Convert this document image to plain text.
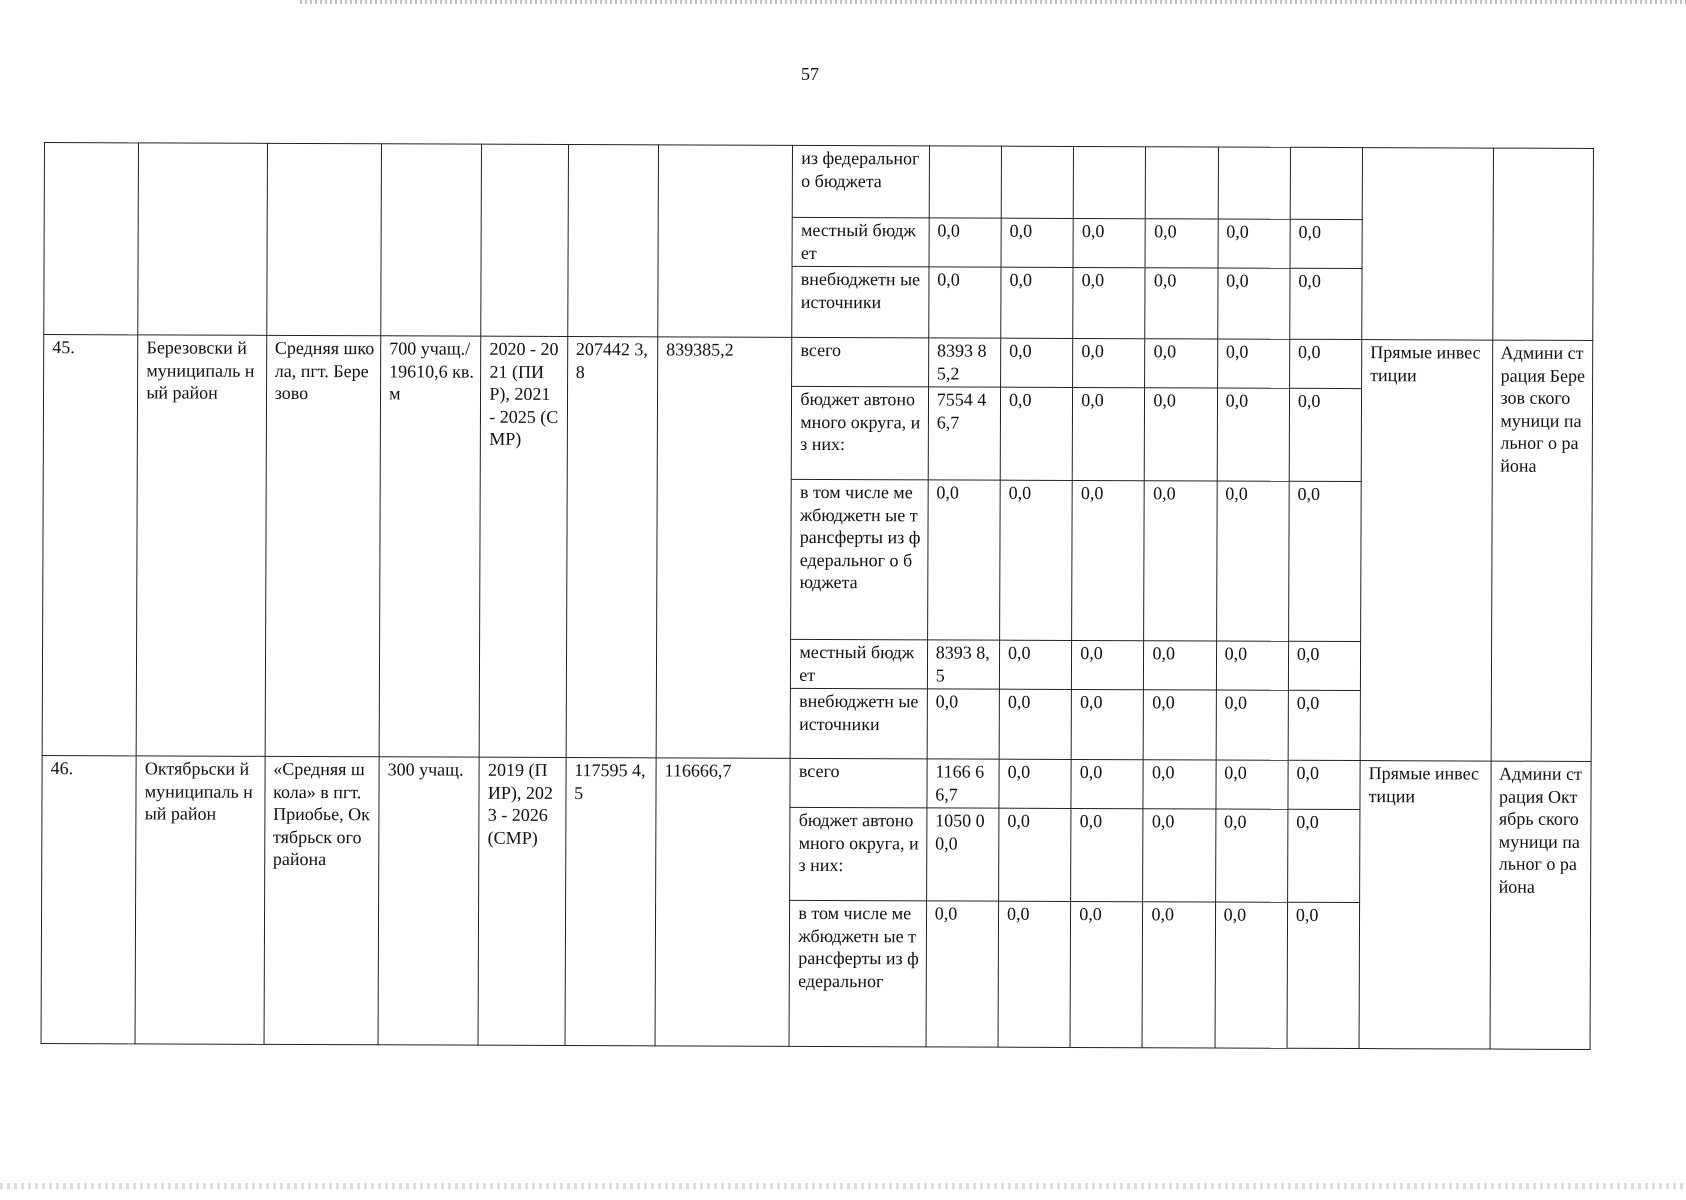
57
							из федеральног о бюджета								
							местный бюджет	0,0	0,0	0,0	0,0	0,0	0,0		
							внебюджетн ые источники	0,0	0,0	0,0	0,0	0,0	0,0		
45.	Березовски й муниципаль ный район	Средняя школа, пгт. Березово	700 учащ./ 19610,6 кв. м	2020 - 2021 (ПИР), 2021 - 2025 (СМР)	207442 3,8	839385,2	всего	8393 85,2	0,0	0,0	0,0	0,0	0,0	Прямые инвестиции	Админи страция Березов ского муници пальног о района
							бюджет автономного округа, из них:	7554 46,7	0,0	0,0	0,0	0,0	0,0		
							в том числе межбюджетн ые трансферты из федеральног о бюджета	0,0	0,0	0,0	0,0	0,0	0,0		
							местный бюджет	8393 8,5	0,0	0,0	0,0	0,0	0,0		
							внебюджетн ые источники	0,0	0,0	0,0	0,0	0,0	0,0		
46.	Октябрьски й муниципаль ный район	«Средняя школа» в пгт. Приобье, Октябрьск ого района	300 учащ.	2019 (ПИР), 2023 - 2026 (СМР)	117595 4,5	116666,7	всего	1166 66,7	0,0	0,0	0,0	0,0	0,0	Прямые инвестиции	Админи страция Октябрь ского муници пальног о района
							бюджет автономного округа, из них:	1050 00,0	0,0	0,0	0,0	0,0	0,0		
							в том числе межбюджетн ые трансферты из федеральног	0,0	0,0	0,0	0,0	0,0	0,0		
